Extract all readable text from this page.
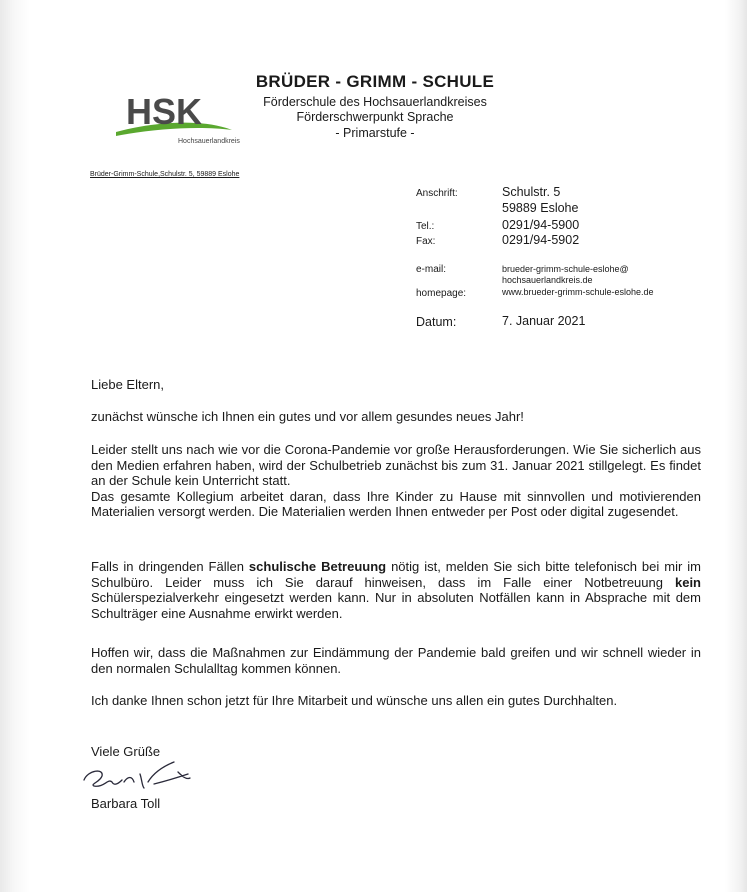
HSK
Hochsauerlandkreis
BRÜDER - GRIMM - SCHULE
Förderschule des Hochsauerlandkreises
Förderschwerpunkt Sprache
- Primarstufe -
Brüder-Grimm-Schule,Schulstr. 5, 59889 Eslohe
Anschrift:	Schulstr. 5
59889 Eslohe
Tel.:	0291/94-5900
Fax:	0291/94-5902
e-mail:	brueder-grimm-schule-eslohe@
hochsauerlandkreis.de
homepage:	www.brueder-grimm-schule-eslohe.de
Datum:	7. Januar 2021
Liebe Eltern,
zunächst wünsche ich Ihnen ein gutes und vor allem gesundes neues Jahr!

Leider stellt uns nach wie vor die Corona-Pandemie vor große Herausforderungen. Wie Sie sicherlich aus den Medien erfahren haben, wird der Schulbetrieb zunächst bis zum 31. Januar 2021 stillgelegt. Es findet an der Schule kein Unterricht statt.

Das gesamte Kollegium arbeitet daran, dass Ihre Kinder zu Hause mit sinnvollen und motivierenden Materialien versorgt werden. Die Materialien werden Ihnen entweder per Post oder digital zugesendet.

Falls in dringenden Fällen schulische Betreuung nötig ist, melden Sie sich bitte telefonisch bei mir im Schulbüro. Leider muss ich Sie darauf hinweisen, dass im Falle einer Notbetreuung kein Schülerspezialverkehr eingesetzt werden kann. Nur in absoluten Notfällen kann in Absprache mit dem Schulträger eine Ausnahme erwirkt werden.
Hoffen wir, dass die Maßnahmen zur Eindämmung der Pandemie bald greifen und wir schnell wieder in den normalen Schulalltag kommen können.
Ich danke Ihnen schon jetzt für Ihre Mitarbeit und wünsche uns allen ein gutes Durchhalten.
Viele Grüße
Barbara Toll
